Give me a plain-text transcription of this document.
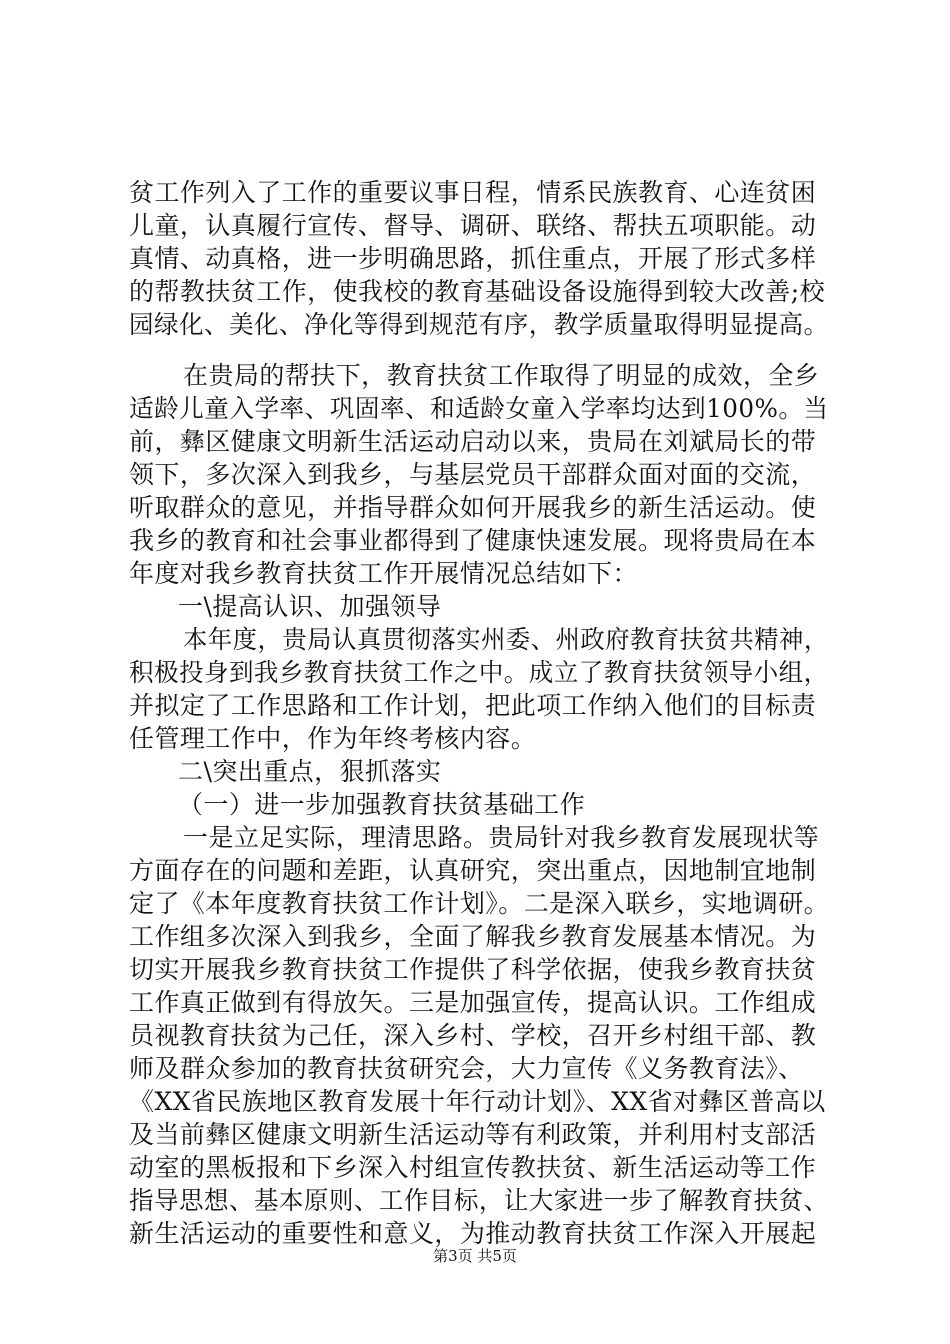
贫工作列入了工作的重要议事日程，情系民族教育、心连贫困
儿童，认真履行宣传、督导、调研、联络、帮扶五项职能。动
真情、动真格，进一步明确思路，抓住重点，开展了形式多样
的帮教扶贫工作，使我校的教育基础设备设施得到较大改善;校
园绿化、美化、净化等得到规范有序，教学质量取得明显提高。
在贵局的帮扶下，教育扶贫工作取得了明显的成效，全乡
适龄儿童入学率、巩固率、和适龄女童入学率均达到100%。当
前，彝区健康文明新生活运动启动以来，贵局在刘斌局长的带
领下，多次深入到我乡，与基层党员干部群众面对面的交流，
听取群众的意见，并指导群众如何开展我乡的新生活运动。使
我乡的教育和社会事业都得到了健康快速发展。现将贵局在本
年度对我乡教育扶贫工作开展情况总结如下：
一\提高认识、加强领导
本年度，贵局认真贯彻落实州委、州政府教育扶贫共精神，
积极投身到我乡教育扶贫工作之中。成立了教育扶贫领导小组，
并拟定了工作思路和工作计划，把此项工作纳入他们的目标责
任管理工作中，作为年终考核内容。
二\突出重点，狠抓落实
（一）进一步加强教育扶贫基础工作
一是立足实际，理清思路。贵局针对我乡教育发展现状等
方面存在的问题和差距，认真研究，突出重点，因地制宜地制
定了《本年度教育扶贫工作计划》。二是深入联乡，实地调研。
工作组多次深入到我乡，全面了解我乡教育发展基本情况。为
切实开展我乡教育扶贫工作提供了科学依据，使我乡教育扶贫
工作真正做到有得放矢。三是加强宣传，提高认识。工作组成
员视教育扶贫为己任，深入乡村、学校，召开乡村组干部、教
师及群众参加的教育扶贫研究会，大力宣传《义务教育法》、
《XX省民族地区教育发展十年行动计划》、XX省对彝区普高以
及当前彝区健康文明新生活运动等有利政策，并利用村支部活
动室的黑板报和下乡深入村组宣传教扶贫、新生活运动等工作
指导思想、基本原则、工作目标，让大家进一步了解教育扶贫、
新生活运动的重要性和意义，为推动教育扶贫工作深入开展起
第3页 共5页
